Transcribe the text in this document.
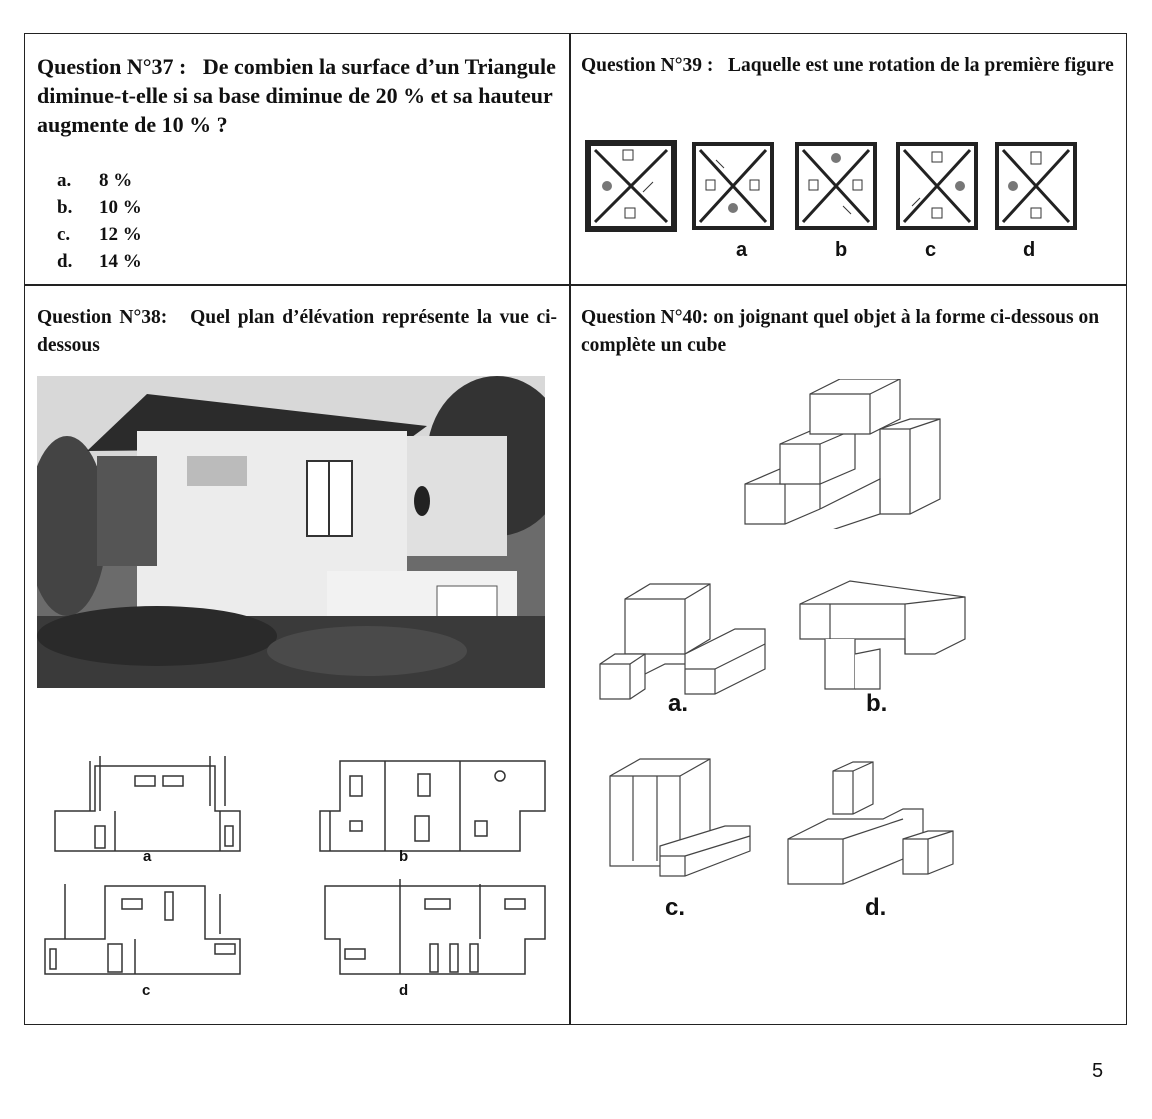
Question N°37 : De combien la surface d’un Triangule diminue-t-elle si sa base diminue de 20 % et sa hauteur augmente de 10 % ?
a. 8 %
b. 10 %
c. 12 %
d. 14 %
Question N°39 : Laquelle est une rotation de la première figure
a	b	c	d
Question N°38: Quel plan d’élévation représente la vue ci-dessous
a	b
c	d
Question N°40: on joignant quel objet à la forme ci-dessous on complète un cube
a.	b.
c.	d.
5
